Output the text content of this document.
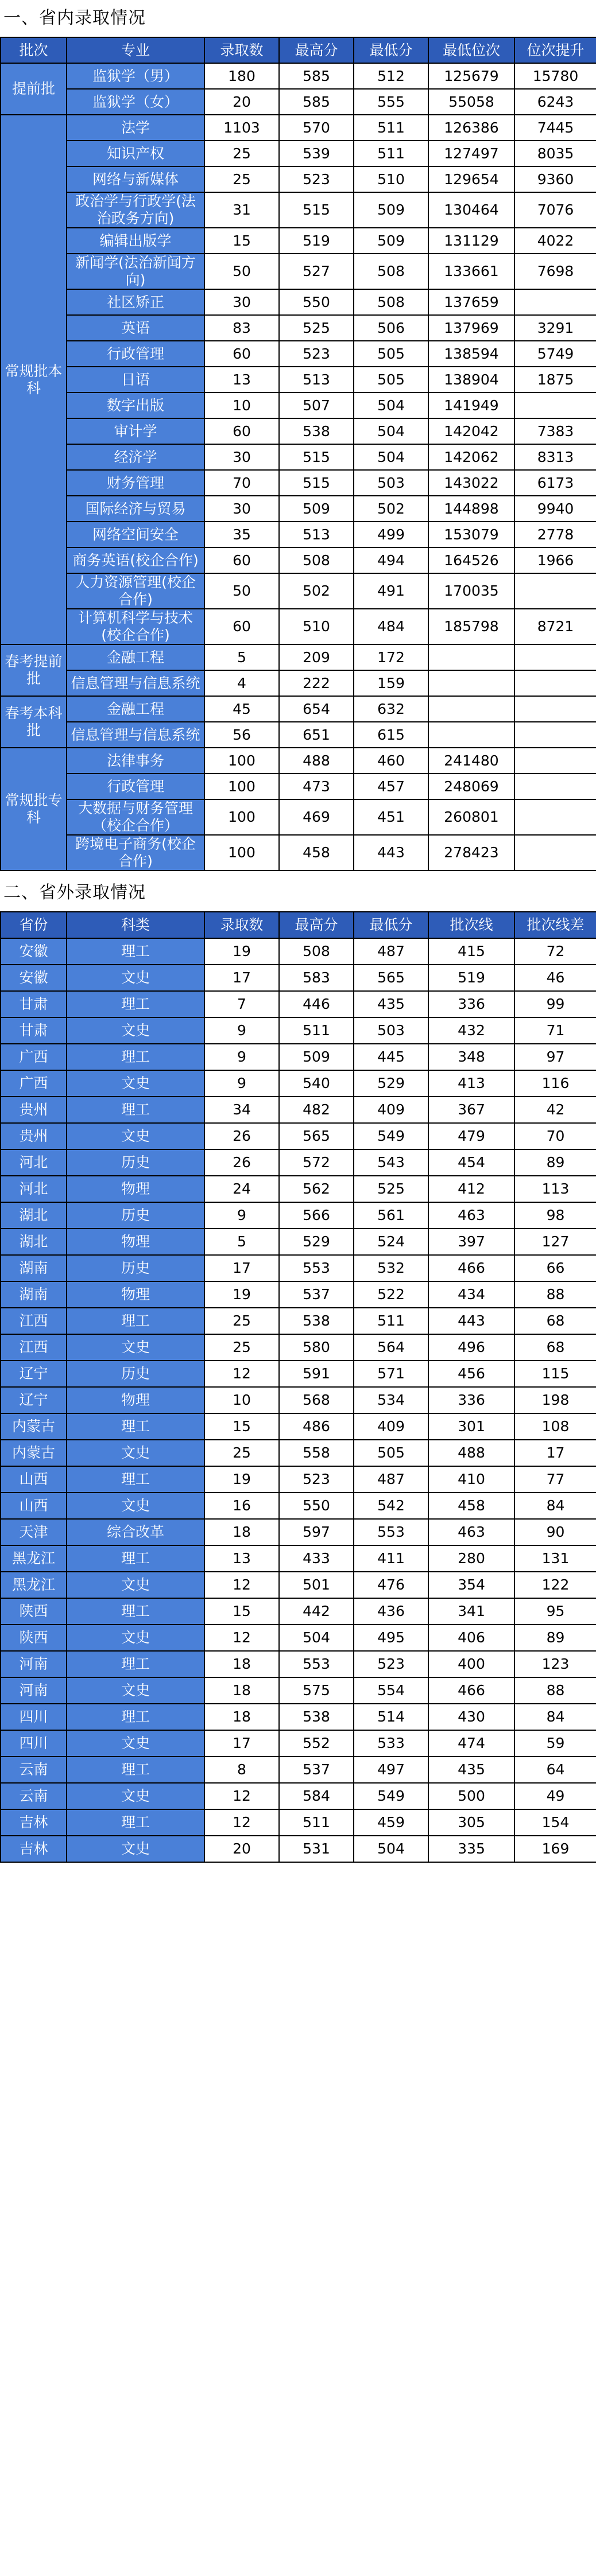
一、省内录取情况
批次	专业	录取数	最高分	最低分	最低位次	位次提升
提前批	监狱学（男）	180	585	512	125679	15780
	监狱学（女）	20	585	555	55058	6243
常规批本科	法学	1103	570	511	126386	7445
	知识产权	25	539	511	127497	8035
	网络与新媒体	25	523	510	129654	9360
	政治学与行政学(法治政务方向)	31	515	509	130464	7076
	编辑出版学	15	519	509	131129	4022
	新闻学(法治新闻方向)	50	527	508	133661	7698
	社区矫正	30	550	508	137659	
	英语	83	525	506	137969	3291
	行政管理	60	523	505	138594	5749
	日语	13	513	505	138904	1875
	数字出版	10	507	504	141949	
	审计学	60	538	504	142042	7383
	经济学	30	515	504	142062	8313
	财务管理	70	515	503	143022	6173
	国际经济与贸易	30	509	502	144898	9940
	网络空间安全	35	513	499	153079	2778
	商务英语(校企合作)	60	508	494	164526	1966
	人力资源管理(校企合作)	50	502	491	170035	
	计算机科学与技术(校企合作)	60	510	484	185798	8721
春考提前批	金融工程	5	209	172		
	信息管理与信息系统	4	222	159		
春考本科批	金融工程	45	654	632		
	信息管理与信息系统	56	651	615		
常规批专科	法律事务	100	488	460	241480	
	行政管理	100	473	457	248069	
	大数据与财务管理（校企合作）	100	469	451	260801	
	跨境电子商务(校企合作)	100	458	443	278423	
二、省外录取情况
省份	科类	录取数	最高分	最低分	批次线	批次线差
安徽	理工	19	508	487	415	72
安徽	文史	17	583	565	519	46
甘肃	理工	7	446	435	336	99
甘肃	文史	9	511	503	432	71
广西	理工	9	509	445	348	97
广西	文史	9	540	529	413	116
贵州	理工	34	482	409	367	42
贵州	文史	26	565	549	479	70
河北	历史	26	572	543	454	89
河北	物理	24	562	525	412	113
湖北	历史	9	566	561	463	98
湖北	物理	5	529	524	397	127
湖南	历史	17	553	532	466	66
湖南	物理	19	537	522	434	88
江西	理工	25	538	511	443	68
江西	文史	25	580	564	496	68
辽宁	历史	12	591	571	456	115
辽宁	物理	10	568	534	336	198
内蒙古	理工	15	486	409	301	108
内蒙古	文史	25	558	505	488	17
山西	理工	19	523	487	410	77
山西	文史	16	550	542	458	84
天津	综合改革	18	597	553	463	90
黑龙江	理工	13	433	411	280	131
黑龙江	文史	12	501	476	354	122
陕西	理工	15	442	436	341	95
陕西	文史	12	504	495	406	89
河南	理工	18	553	523	400	123
河南	文史	18	575	554	466	88
四川	理工	18	538	514	430	84
四川	文史	17	552	533	474	59
云南	理工	8	537	497	435	64
云南	文史	12	584	549	500	49
吉林	理工	12	511	459	305	154
吉林	文史	20	531	504	335	169
